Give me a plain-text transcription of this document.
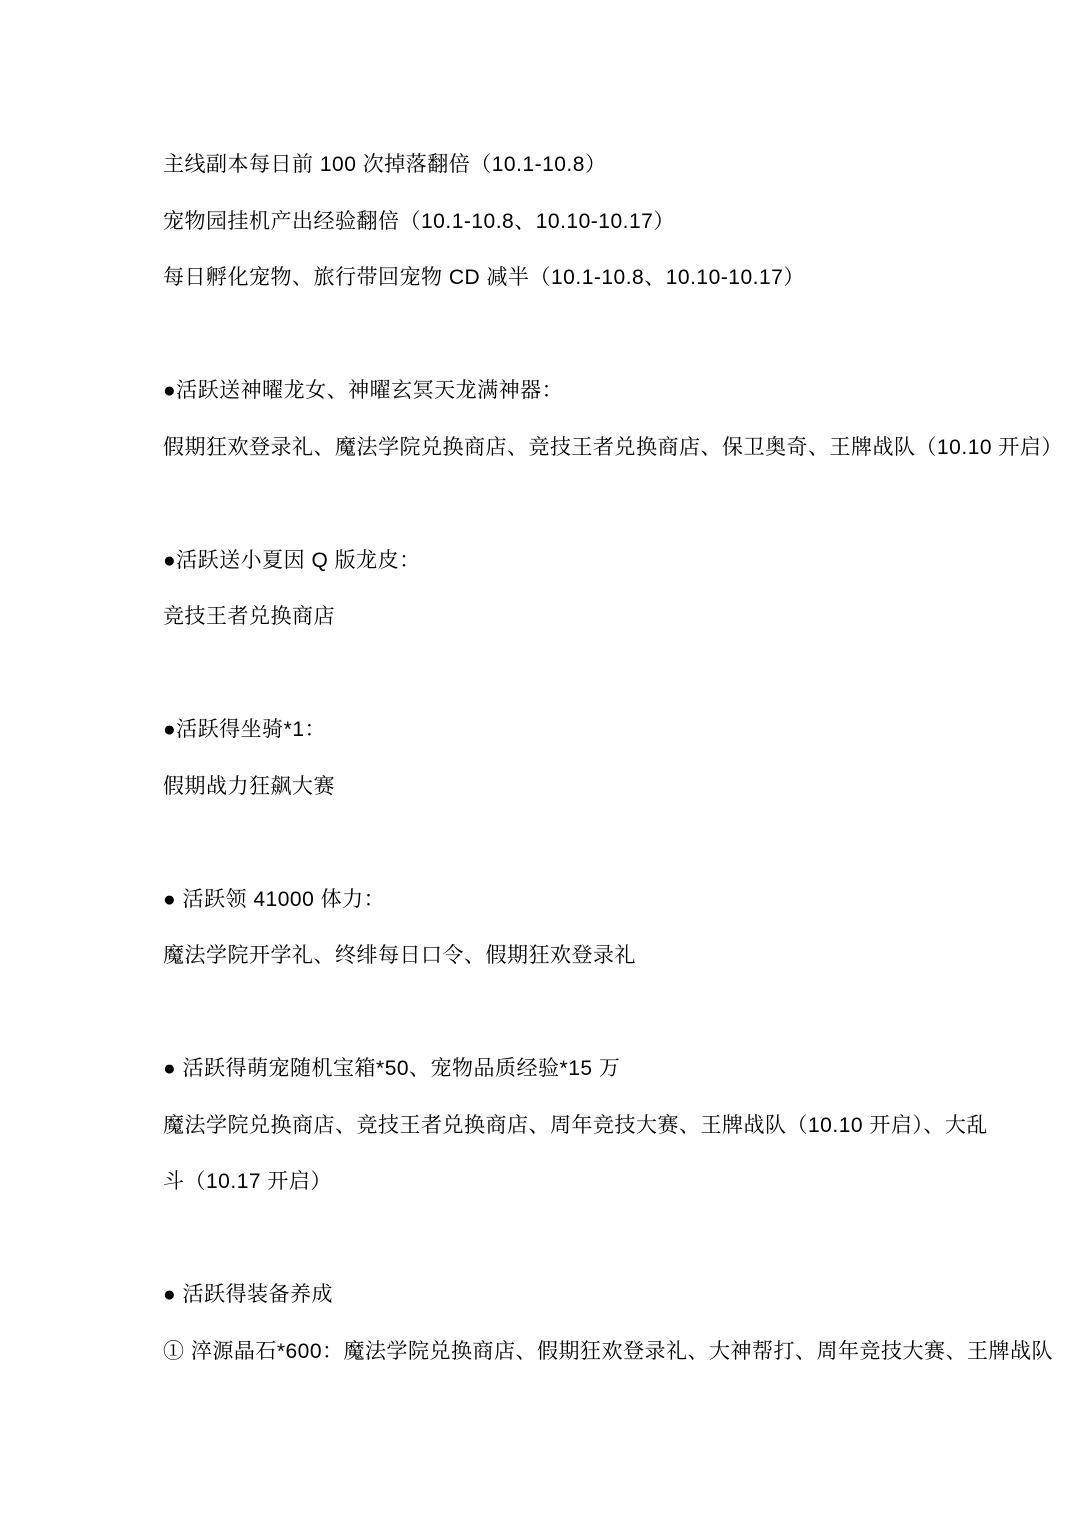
主线副本每日前 100 次掉落翻倍（10.1-10.8）
宠物园挂机产出经验翻倍（10.1-10.8、10.10-10.17）
每日孵化宠物、旅行带回宠物 CD 减半（10.1-10.8、10.10-10.17）
●活跃送神曜龙女、神曜玄冥天龙满神器：
假期狂欢登录礼、魔法学院兑换商店、竞技王者兑换商店、保卫奥奇、王牌战队（10.10 开启）
●活跃送小夏因 Q 版龙皮：
竞技王者兑换商店
●活跃得坐骑*1：
假期战力狂飙大赛
● 活跃领 41000 体力：
魔法学院开学礼、终绯每日口令、假期狂欢登录礼
● 活跃得萌宠随机宝箱*50、宠物品质经验*15 万
魔法学院兑换商店、竞技王者兑换商店、周年竞技大赛、王牌战队（10.10 开启）、大乱
斗（10.17 开启）
● 活跃得装备养成
① 淬源晶石*600：魔法学院兑换商店、假期狂欢登录礼、大神帮打、周年竞技大赛、王牌战队
